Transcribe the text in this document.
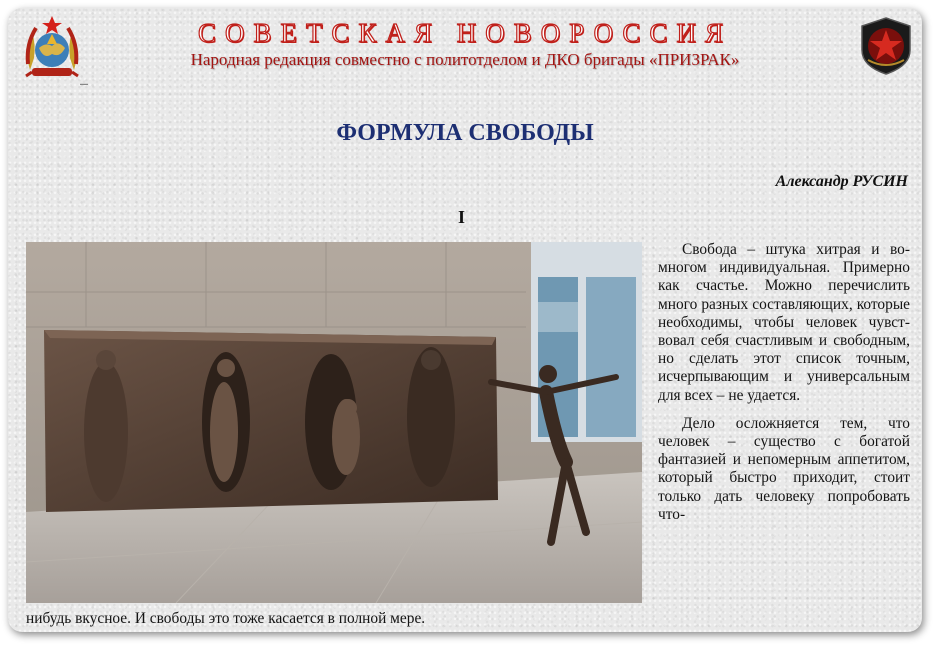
СОВЕТСКАЯ НОВОРОССИЯ
Народная редакция совместно с политотделом и ДКО бригады «ПРИЗРАК»
▬▬
ФОРМУЛА СВОБОДЫ
Александр РУСИН
I

Свобода – штука хитрая и во-многом индивидуальная. Примерно как счастье. Можно перечислить много разных составляющих, которые необходимы, чтобы человек чувствовал себя счастливым и свободным, но сделать этот список точным, исчерпывающим и универсальным для всех – не удается.

Дело осложняется тем, что человек – существо с богатой фантазией и непомерным аппетитом, который быстро приходит, стоит только дать человеку попробовать что-

нибудь вкусное. И свободы это тоже касается в полной мере.
